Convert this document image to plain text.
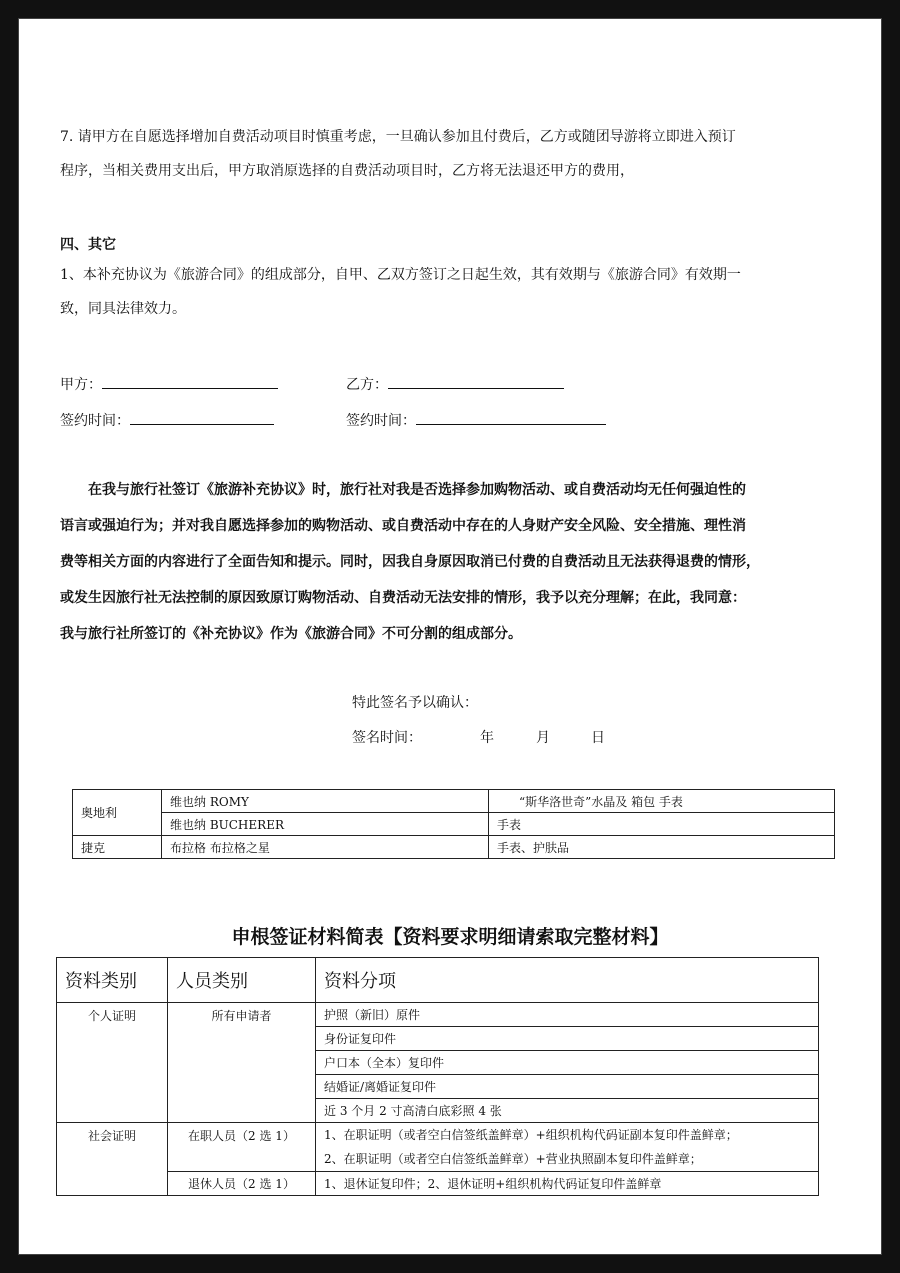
7. 请甲方在自愿选择增加自费活动项目时慎重考虑，一旦确认参加且付费后，乙方或随团导游将立即进入预订
程序，当相关费用支出后，甲方取消原选择的自费活动项目时，乙方将无法退还甲方的费用，
四、其它
1、本补充协议为《旅游合同》的组成部分，自甲、乙双方签订之日起生效，其有效期与《旅游合同》有效期一
致，同具法律效力。
甲方：	乙方：
签约时间：	签约时间：
在我与旅行社签订《旅游补充协议》时，旅行社对我是否选择参加购物活动、或自费活动均无任何强迫性的
语言或强迫行为；并对我自愿选择参加的购物活动、或自费活动中存在的人身财产安全风险、安全措施、理性消
费等相关方面的内容进行了全面告知和提示。同时，因我自身原因取消已付费的自费活动且无法获得退费的情形，
或发生因旅行社无法控制的原因致原订购物活动、自费活动无法安排的情形，我予以充分理解；在此，我同意：
我与旅行社所签订的《补充协议》作为《旅游合同》不可分割的组成部分。
特此签名予以确认：
签名时间：	年	月	日
奥地利	维也纳 ROMY	“斯华洛世奇”水晶及 箱包 手表
	维也纳 BUCHERER	手表
捷克	布拉格 布拉格之星	手表、护肤品
申根签证材料简表【资料要求明细请索取完整材料】
资料类别	人员类别	资料分项
个人证明	所有申请者	护照（新旧）原件
		身份证复印件
		户口本（全本）复印件
		结婚证/离婚证复印件
		近 3 个月 2 寸高清白底彩照 4 张
社会证明	在职人员（2 选 1）	1、在职证明（或者空白信签纸盖鲜章）+组织机构代码证副本复印件盖鲜章；
2、在职证明（或者空白信签纸盖鲜章）+营业执照副本复印件盖鲜章；

	退休人员（2 选 1）	1、退休证复印件；2、退休证明+组织机构代码证复印件盖鲜章
